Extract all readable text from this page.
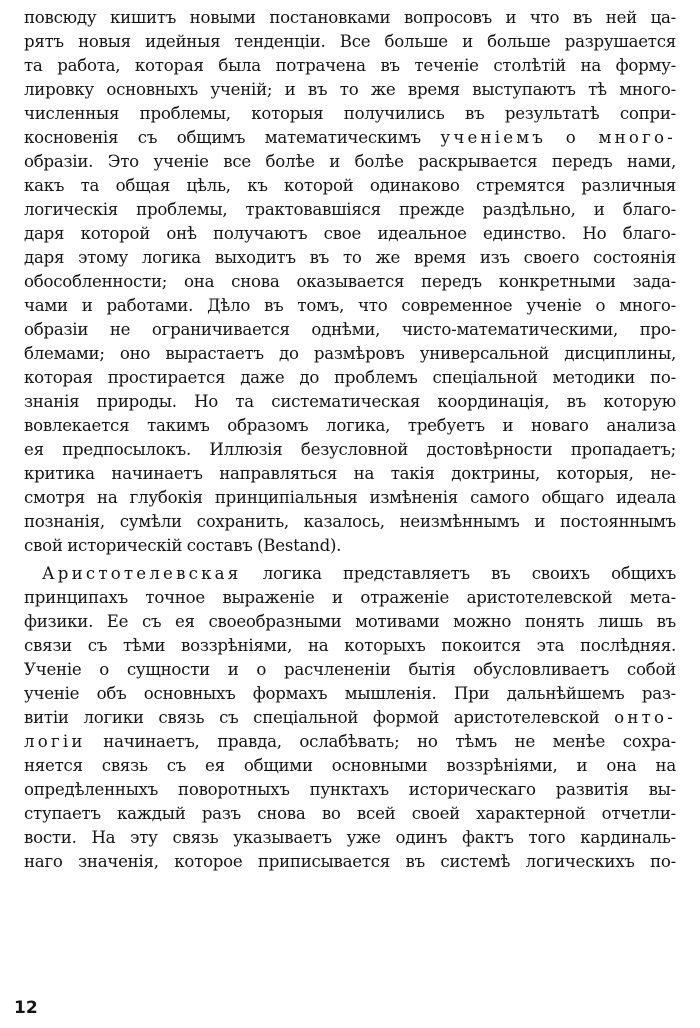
повсюду кишитъ новыми постановками вопросовъ и что въ ней ца-
рятъ новыя идейныя тенденціи. Все больше и больше разрушается
та работа, которая была потрачена въ теченіе столѣтій на форму-
лировку основныхъ ученій; и въ то же время выступаютъ тѣ много-
численныя проблемы, которыя получились въ результатѣ сопри-
косновенія съ общимъ математическимъ ученіемъ о много-
образіи. Это ученіе все болѣе и болѣе раскрывается передъ нами,
какъ та общая цѣль, къ которой одинаково стремятся различныя
логическія проблемы, трактовавшіяся прежде раздѣльно, и благо-
даря которой онѣ получаютъ свое идеальное единство. Но благо-
даря этому логика выходитъ въ то же время изъ своего состоянія
обособленности; она снова оказывается передъ конкретными зада-
чами и работами. Дѣло въ томъ, что современное ученіе о много-
образіи не ограничивается однѣми, чисто-математическими, про-
блемами; оно вырастаетъ до размѣровъ универсальной дисциплины,
которая простирается даже до проблемъ спеціальной методики по-
знанія природы. Но та систематическая координація, въ которую
вовлекается такимъ образомъ логика, требуетъ и новаго анализа
ея предпосылокъ. Иллюзія безусловной достовѣрности пропадаетъ;
критика начинаетъ направляться на такія доктрины, которыя, не-
смотря на глубокія принципіальныя измѣненія самого общаго идеала
познанія, сумѣли сохранить, казалось, неизмѣннымъ и постояннымъ
свой историческій составъ (Bestand).
Аристотелевская логика представляетъ въ своихъ общихъ
принципахъ точное выраженіе и отраженіе аристотелевской мета-
физики. Ее съ ея своеобразными мотивами можно понять лишь въ
связи съ тѣми воззрѣніями, на которыхъ покоится эта послѣдняя.
Ученіе о сущности и о расчлененіи бытія обусловливаетъ собой
ученіе объ основныхъ формахъ мышленія. При дальнѣйшемъ раз-
витіи логики связь съ спеціальной формой аристотелевской онто-
логіи начинаетъ, правда, ослабѣвать; но тѣмъ не менѣе сохра-
няется связь съ ея общими основными воззрѣніями, и она на
опредѣленныхъ поворотныхъ пунктахъ историческаго развитія вы-
ступаетъ каждый разъ снова во всей своей характерной отчетли-
вости. На эту связь указываетъ уже одинъ фактъ того кардиналь-
наго значенія, которое приписывается въ системѣ логическихъ по-
12
